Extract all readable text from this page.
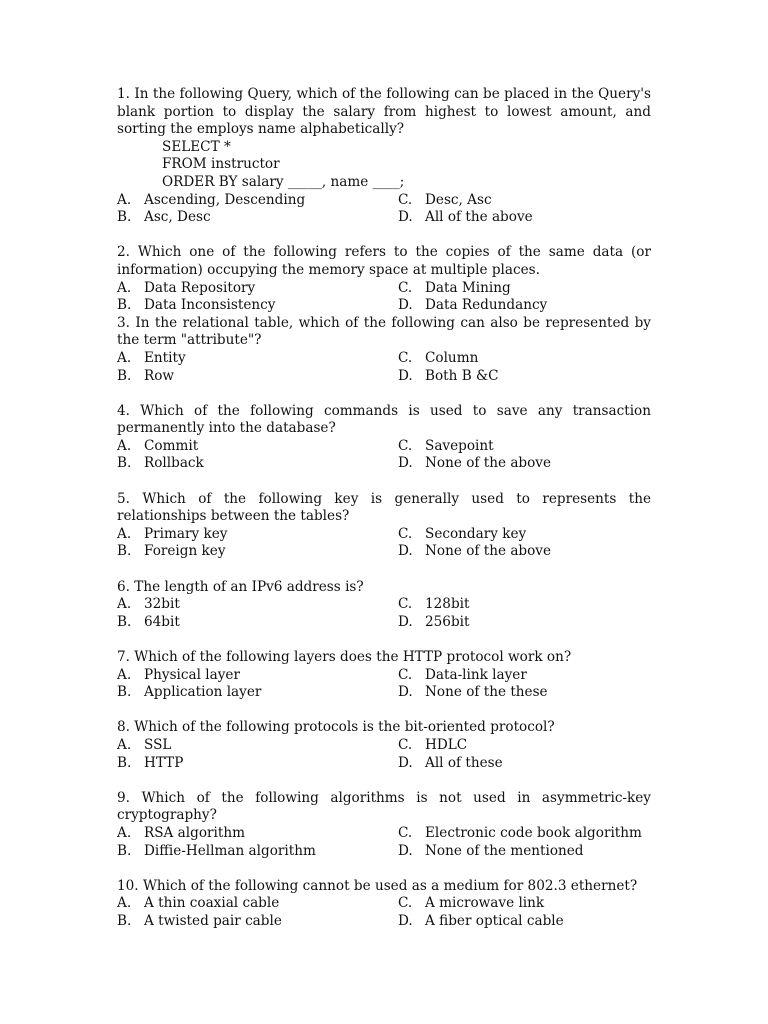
1. In the following Query, which of the following can be placed in the Query's blank portion to display the salary from highest to lowest amount, and sorting the employs name alphabetically?
SELECT *
FROM instructor
ORDER BY salary _____, name ____;
A. Ascending, Descending	C. Desc, Asc
B. Asc, Desc	D. All of the above
2. Which one of the following refers to the copies of the same data (or information) occupying the memory space at multiple places.
A. Data Repository	C. Data Mining
B. Data Inconsistency	D. Data Redundancy
3. In the relational table, which of the following can also be represented by the term "attribute"?
A. Entity	C. Column
B. Row	D. Both B &C
4. Which of the following commands is used to save any transaction permanently into the database?
A. Commit	C. Savepoint
B. Rollback	D. None of the above
5. Which of the following key is generally used to represents the relationships between the tables?
A. Primary key	C. Secondary key
B. Foreign key	D. None of the above
6. The length of an IPv6 address is?
A. 32bit	C. 128bit
B. 64bit	D. 256bit
7. Which of the following layers does the HTTP protocol work on?
A. Physical layer	C. Data-link layer
B. Application layer	D. None of the these
8. Which of the following protocols is the bit-oriented protocol?
A. SSL	C. HDLC
B. HTTP	D. All of these
9. Which of the following algorithms is not used in asymmetric-key cryptography?
A. RSA algorithm	C. Electronic code book algorithm
B. Diffie-Hellman algorithm	D. None of the mentioned
10. Which of the following cannot be used as a medium for 802.3 ethernet?
A. A thin coaxial cable	C. A microwave link
B. A twisted pair cable	D. A fiber optical cable
